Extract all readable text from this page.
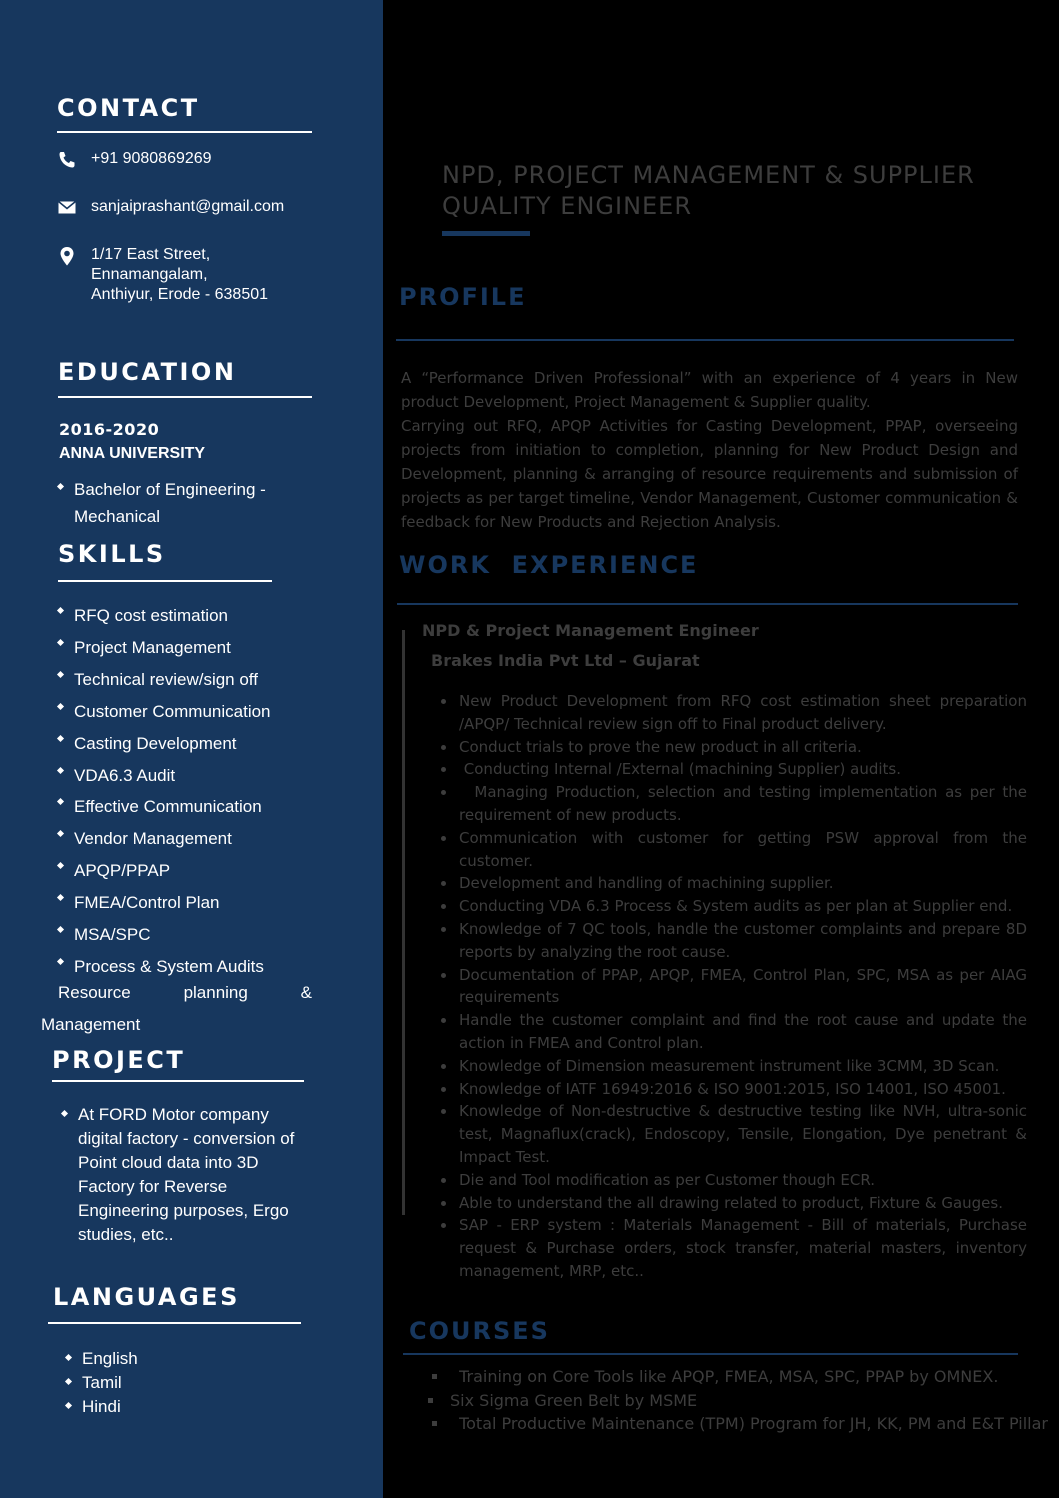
CONTACT
+91 9080869269
sanjaiprashant@gmail.com
1/17 East Street,
Ennamangalam,
Anthiyur, Erode - 638501
EDUCATION
2016-2020
ANNA UNIVERSITY
Bachelor of Engineering -
Mechanical
SKILLS
RFQ cost estimation
Project Management
Technical review/sign off
Customer Communication
Casting Development
VDA6.3 Audit
Effective Communication
Vendor Management
APQP/PPAP
FMEA/Control Plan
MSA/SPC
Process & System Audits
Resource	planning	&
Management
PROJECT
At FORD Motor company
digital factory - conversion of
Point cloud data into 3D
Factory for Reverse
Engineering purposes, Ergo
studies, etc..
LANGUAGES
English
Tamil
Hindi
NPD, PROJECT MANAGEMENT & SUPPLIER
QUALITY ENGINEER
PROFILE

A “Performance Driven Professional” with an experience of 4 years in New product Development, Project Management & Supplier quality.

Carrying out RFQ, APQP Activities for Casting Development, PPAP, overseeing projects from initiation to completion, planning for New Product Design and Development, planning & arranging of resource requirements and submission of projects as per target timeline, Vendor Management, Customer communication & feedback for New Products and Rejection Analysis.

WORK  EXPERIENCE
NPD & Project Management Engineer
Brakes India Pvt Ltd – Gujarat
New Product Development from RFQ cost estimation sheet preparation /APQP/ Technical review sign off to Final product delivery.
Conduct trials to prove the new product in all criteria.
Conducting Internal /External (machining Supplier) audits.
Managing Production, selection and testing implementation as per the requirement of new products.
Communication with customer for getting PSW approval from the customer.
Development and handling of machining supplier.
Conducting VDA 6.3 Process & System audits as per plan at Supplier end.
Knowledge of 7 QC tools, handle the customer complaints and prepare 8D reports by analyzing the root cause.
Documentation of PPAP, APQP, FMEA, Control Plan, SPC, MSA as per AIAG requirements
Handle the customer complaint and find the root cause and update the action in FMEA and Control plan.
Knowledge of Dimension measurement instrument like 3CMM, 3D Scan.
Knowledge of IATF 16949:2016 & ISO 9001:2015, ISO 14001, ISO 45001.
Knowledge of Non-destructive & destructive testing like NVH, ultra-sonic test, Magnaflux(crack), Endoscopy, Tensile, Elongation, Dye penetrant & Impact Test.
Die and Tool modification as per Customer though ECR.
Able to understand the all drawing related to product, Fixture & Gauges.
SAP - ERP system : Materials Management - Bill of materials, Purchase request & Purchase orders, stock transfer, material masters, inventory management, MRP, etc..
COURSES
Training on Core Tools like APQP, FMEA, MSA, SPC, PPAP by OMNEX.
Six Sigma Green Belt by MSME
Total Productive Maintenance (TPM) Program for JH, KK, PM and E&T Pillar
